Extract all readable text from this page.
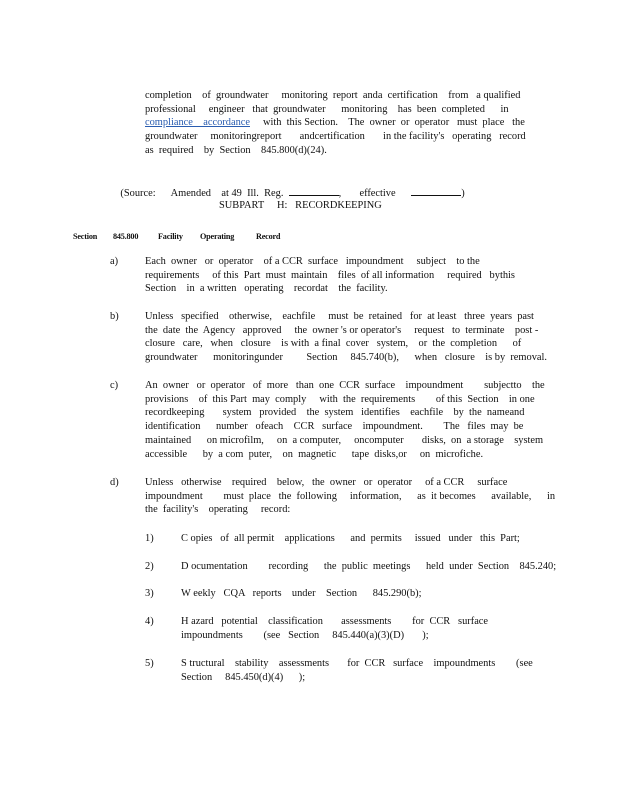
completion    of  groundwater     monitoring  report  anda  certification    from   a qualified
professional     engineer   that  groundwater      monitoring    has  been  completed      in
compliance    accordance     with  this Section.    The  owner  or  operator   must  place   the
groundwater     monitoringreport       andcertification       in the facility's   operating   record
as  required    by  Section    845.800(d)(24).

(Source: Amended    at 49  Ill.  Reg.	, effective	)

SUBPART     H:   RECORDKEEPING
Section 845.800 Facility Operating	Record
a)	Each  owner   or  operator    of a CCR  surface   impoundment     subject    to the
requirements     of this  Part  must  maintain    files  of all information     required   bythis
Section    in  a written   operating    recordat    the  facility.
b)	Unless   specified    otherwise,    eachfile     must  be  retained   for  at least   three  years  past
the  date  the  Agency   approved     the  owner 's or operator's     request   to  terminate    post -
closure   care,   when   closure    is with  a final  cover   system,    or  the  completion      of
groundwater      monitoringunder         Section     845.740(b),      when   closure    is by  removal.
c)	An  owner   or  operator   of  more   than  one  CCR  surface    impoundment        subjectto    the
provisions    of  this Part  may  comply     with  the  requirements        of this  Section    in one
recordkeeping       system   provided    the  system   identifies    eachfile    by  the  nameand
identification      number   ofeach    CCR   surface    impoundment.        The   files  may  be
maintained      on microfilm,     on  a computer,     oncomputer       disks,  on  a storage    system
accessible      by  a com  puter,    on  magnetic      tape  disks,or     on  microfiche.
d)	Unless   otherwise    required    below,   the  owner   or  operator     of a CCR     surface
impoundment        must  place   the  following     information,      as  it becomes      available,      in
the  facility's    operating     record:
1)	C opies   of  all permit    applications      and  permits     issued   under   this  Part;
2)	D ocumentation        recording      the  public  meetings      held  under  Section    845.240;
3)	W eekly   CQA   reports    under    Section      845.290(b);
4)	H azard   potential    classification       assessments        for  CCR   surface
impoundments        (see   Section     845.440(a)(3)(D)       );
5)	S tructural    stability    assessments       for  CCR   surface    impoundments        (see
Section     845.450(d)(4)      );
